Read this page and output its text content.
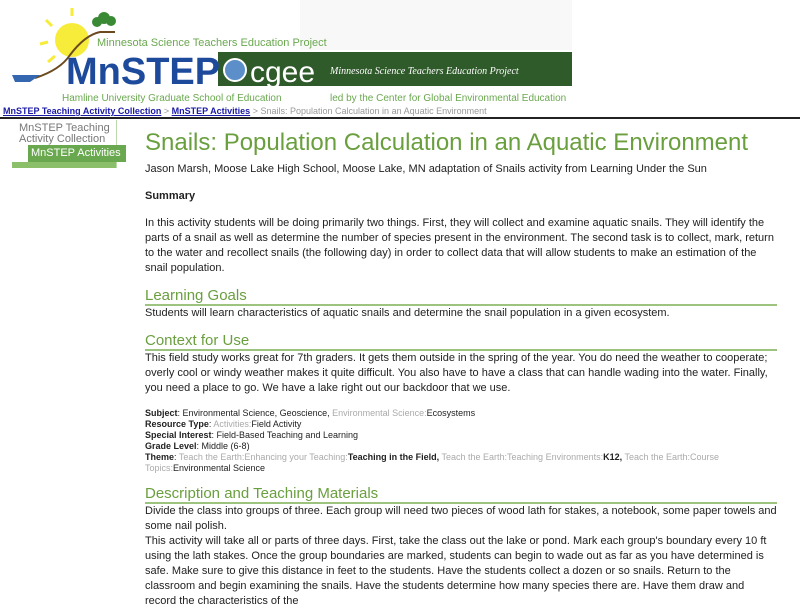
Minnesota Science Teachers Education Project
MnSTEP
Hamline University Graduate School of Education
cgee Minnesota Science Teachers Education Project
led by the Center for Global Environmental Education
MnSTEP Teaching Activity Collection > MnSTEP Activities > Snails: Population Calculation in an Aquatic Environment
MnSTEP Teaching Activity Collection
MnSTEP Activities Snails: Population Calculation in an Aquatic Environment

Jason Marsh, Moose Lake High School, Moose Lake, MN adaptation of Snails activity from Learning Under the Sun

Summary

In this activity students will be doing primarily two things. First, they will collect and examine aquatic snails. They will identify the parts of a snail as well as determine the number of species present in the environment. The second task is to collect, mark, return to the water and recollect snails (the following day) in order to collect data that will allow students to make an estimation of the snail population.

Learning Goals

Students will learn characteristics of aquatic snails and determine the snail population in a given ecosystem.

Context for Use

This field study works great for 7th graders. It gets them outside in the spring of the year. You do need the weather to cooperate; overly cool or windy weather makes it quite difficult. You also have to have a class that can handle wading into the water. Finally, you need a place to go. We have a lake right out our backdoor that we use.

Subject: Environmental Science, Geoscience, Environmental Science:Ecosystems
Resource Type: Activities:Field Activity
Special Interest: Field-Based Teaching and Learning
Grade Level: Middle (6-8)
Theme: Teach the Earth:Enhancing your Teaching:Teaching in the Field, Teach the Earth:Teaching Environments:K12, Teach the Earth:Course Topics:Environmental Science
Description and Teaching Materials

Divide the class into groups of three. Each group will need two pieces of wood lath for stakes, a notebook, some paper towels and some nail polish.

This activity will take all or parts of three days. First, take the class out the lake or pond. Mark each group's boundary every 10 ft using the lath stakes. Once the group boundaries are marked, students can begin to wade out as far as you have determined is safe. Make sure to give this distance in feet to the students. Have the students collect a dozen or so snails. Return to the classroom and begin examining the snails. Have the students determine how many species there are. Have them draw and record the characteristics of the
